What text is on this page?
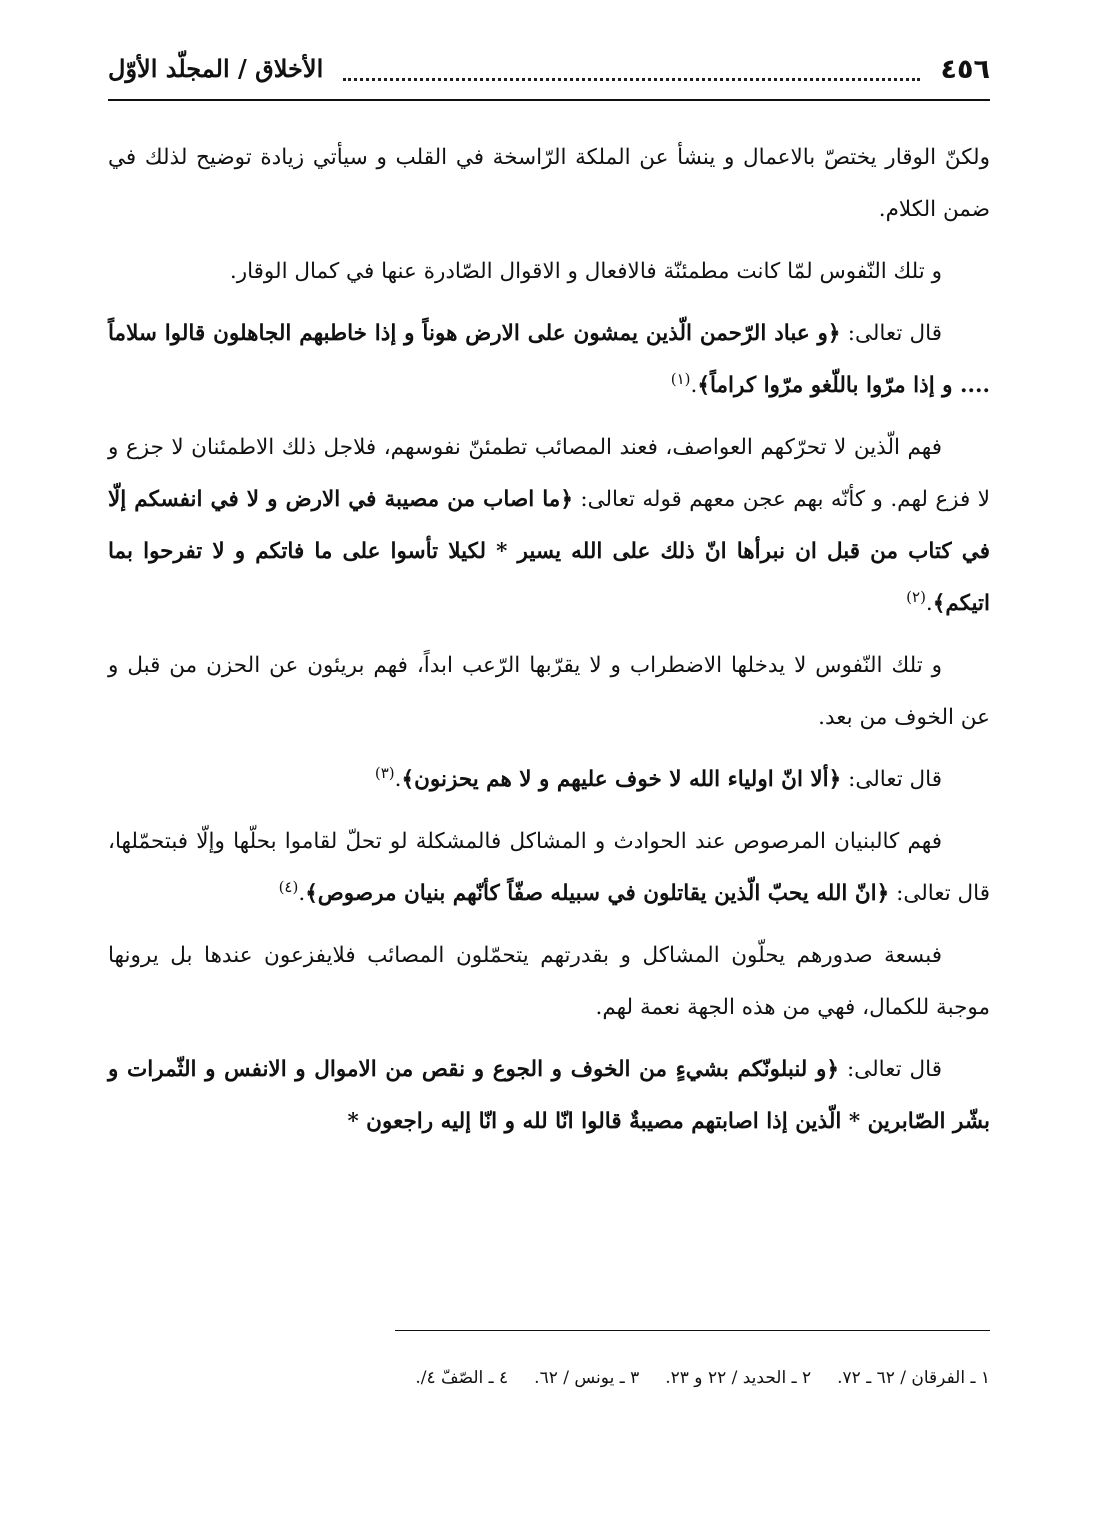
٤٥٦
الأخلاق / المجلّد الأوّل

ولكنّ الوقار يختصّ بالاعمال و ينشأ عن الملكة الرّاسخة في القلب و سيأتي زيادة توضيح لذلك في ضمن الكلام.

و تلك النّفوس لمّا كانت مطمئنّة فالافعال و الاقوال الصّادرة عنها في كمال الوقار.

قال تعالى: ﴿و عباد الرّحمن الّذين يمشون على الارض هوناً و إذا خاطبهم الجاهلون قالوا سلاماً .... و إذا مرّوا باللّغو مرّوا كراماً﴾.$^{(١)}$

فهم الّذين لا تحرّكهم العواصف، فعند المصائب تطمئنّ نفوسهم، فلاجل ذلك الاطمئنان لا جزع و لا فزع لهم. و كأنّه بهم عجن معهم قوله تعالى: ﴿ما اصاب من مصيبة في الارض و لا في انفسكم إلّا في كتاب من قبل ان نبرأها انّ ذلك على الله يسير * لكيلا تأسوا على ما فاتكم و لا تفرحوا بما اتيكم﴾.$^{(٢)}$

و تلك النّفوس لا يدخلها الاضطراب و لا يقرّبها الرّعب ابداً، فهم بريئون عن الحزن من قبل و عن الخوف من بعد.

قال تعالى: ﴿ألا انّ اولياء الله لا خوف عليهم و لا هم يحزنون﴾.$^{(٣)}$

فهم كالبنيان المرصوص عند الحوادث و المشاكل فالمشكلة لو تحلّ لقاموا بحلّها وإلّا فبتحمّلها، قال تعالى: ﴿انّ الله يحبّ الّذين يقاتلون في سبيله صفّاً كأنّهم بنيان مرصوص﴾.$^{(٤)}$

فبسعة صدورهم يحلّون المشاكل و بقدرتهم يتحمّلون المصائب فلايفزعون عندها بل يرونها موجبة للكمال، فهي من هذه الجهة نعمة لهم.

قال تعالى: ﴿و لنبلونّكم بشيءٍ من الخوف و الجوع و نقص من الاموال و الانفس و الثّمرات و بشّر الصّابرين * الّذين إذا اصابتهم مصيبةٌ قالوا انّا لله و انّا إليه راجعون *

١ ـ الفرقان / ٦٢ ـ ٧٢.٢ ـ الحديد / ٢٢ و ٢٣.٣ ـ يونس / ٦٢.٤ ـ الصّفّ ٤/.
